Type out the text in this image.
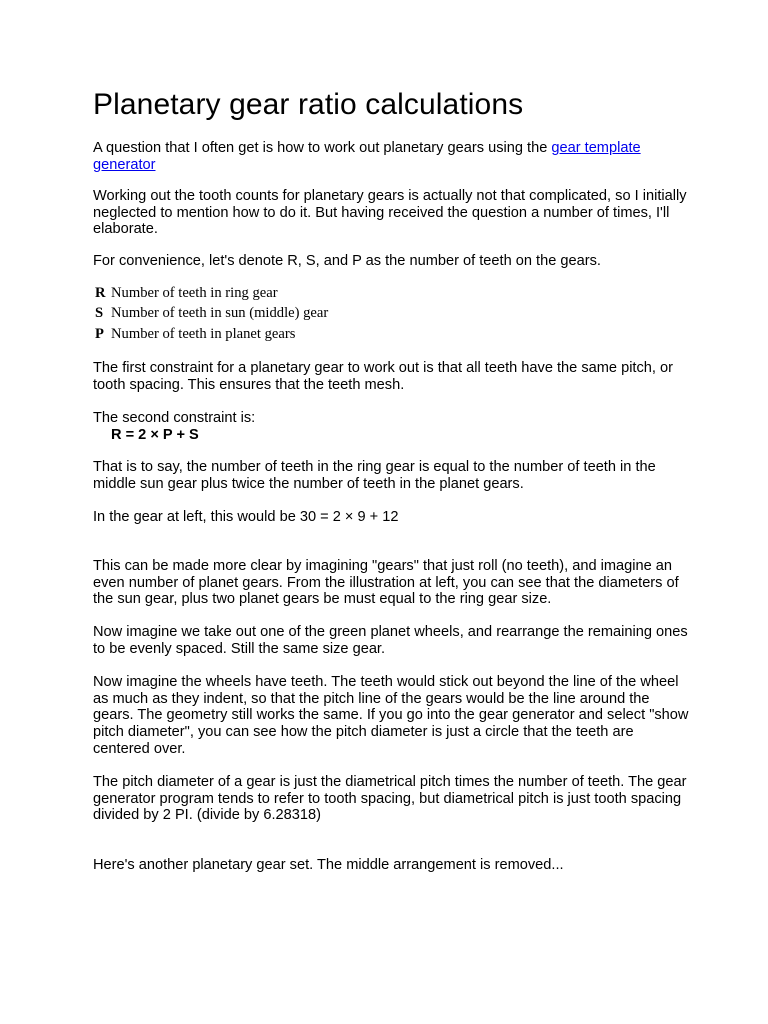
Planetary gear ratio calculations

A question that I often get is how to work out planetary gears using the gear template generator

Working out the tooth counts for planetary gears is actually not that complicated, so I initially neglected to mention how to do it. But having received the question a number of times, I'll elaborate.

For convenience, let's denote R, S, and P as the number of teeth on the gears.

R Number of teeth in ring gear
S Number of teeth in sun (middle) gear
P Number of teeth in planet gears

The first constraint for a planetary gear to work out is that all teeth have the same pitch, or tooth spacing. This ensures that the teeth mesh.

The second constraint is:

R = 2 × P + S

That is to say, the number of teeth in the ring gear is equal to the number of teeth in the middle sun gear plus twice the number of teeth in the planet gears.

In the gear at left, this would be 30 = 2 × 9 + 12

This can be made more clear by imagining "gears" that just roll (no teeth), and imagine an even number of planet gears. From the illustration at left, you can see that the diameters of the sun gear, plus two planet gears be must equal to the ring gear size.

Now imagine we take out one of the green planet wheels, and rearrange the remaining ones to be evenly spaced. Still the same size gear.

Now imagine the wheels have teeth. The teeth would stick out beyond the line of the wheel as much as they indent, so that the pitch line of the gears would be the line around the gears. The geometry still works the same. If you go into the gear generator and select "show pitch diameter", you can see how the pitch diameter is just a circle that the teeth are centered over.

The pitch diameter of a gear is just the diametrical pitch times the number of teeth. The gear generator program tends to refer to tooth spacing, but diametrical pitch is just tooth spacing divided by 2 PI. (divide by 6.28318)

Here's another planetary gear set. The middle arrangement is removed...
